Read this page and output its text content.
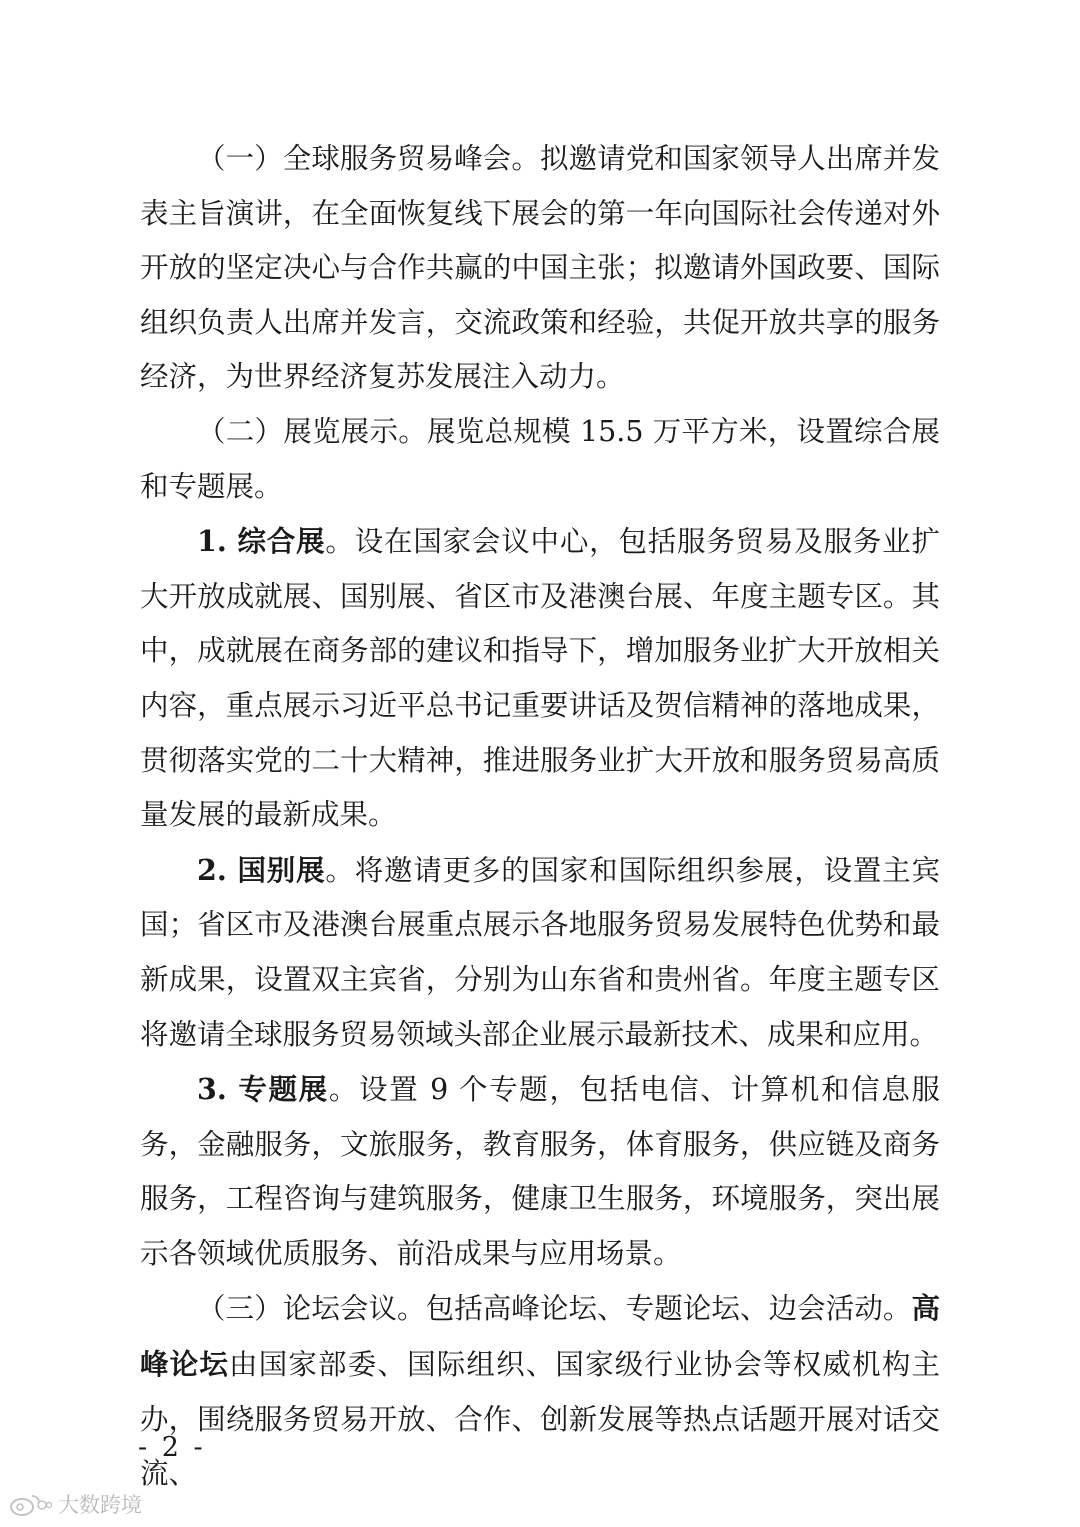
（一）全球服务贸易峰会。拟邀请党和国家领导人出席并发表主旨演讲，在全面恢复线下展会的第一年向国际社会传递对外开放的坚定决心与合作共赢的中国主张；拟邀请外国政要、国际组织负责人出席并发言，交流政策和经验，共促开放共享的服务经济，为世界经济复苏发展注入动力。

（二）展览展示。展览总规模 15.5 万平方米，设置综合展和专题展。

1. 综合展。设在国家会议中心，包括服务贸易及服务业扩大开放成就展、国别展、省区市及港澳台展、年度主题专区。其中，成就展在商务部的建议和指导下，增加服务业扩大开放相关内容，重点展示习近平总书记重要讲话及贺信精神的落地成果，贯彻落实党的二十大精神，推进服务业扩大开放和服务贸易高质量发展的最新成果。

2. 国别展。将邀请更多的国家和国际组织参展，设置主宾国；省区市及港澳台展重点展示各地服务贸易发展特色优势和最新成果，设置双主宾省，分别为山东省和贵州省。年度主题专区将邀请全球服务贸易领域头部企业展示最新技术、成果和应用。

3. 专题展。设置 9 个专题，包括电信、计算机和信息服务，金融服务，文旅服务，教育服务，体育服务，供应链及商务服务，工程咨询与建筑服务，健康卫生服务，环境服务，突出展示各领域优质服务、前沿成果与应用场景。

（三）论坛会议。包括高峰论坛、专题论坛、边会活动。高峰论坛由国家部委、国际组织、国家级行业协会等权威机构主办，围绕服务贸易开放、合作、创新发展等热点话题开展对话交流、

- 2 -
大数跨境
